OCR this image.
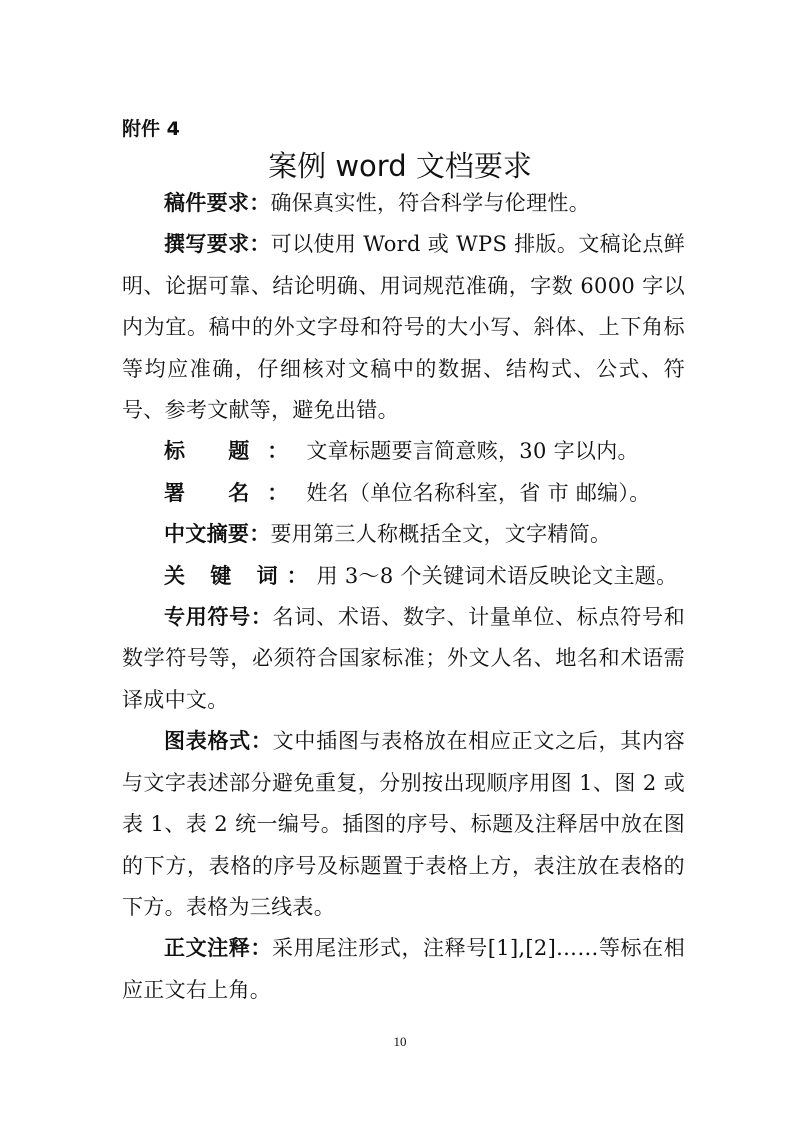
附件 4
案例 word 文档要求

稿件要求：确保真实性，符合科学与伦理性。

撰写要求：可以使用 Word 或 WPS 排版。文稿论点鲜明、论据可靠、结论明确、用词规范准确，字数 6000 字以内为宜。稿中的外文字母和符号的大小写、斜体、上下角标等均应准确，仔细核对文稿中的数据、结构式、公式、符号、参考文献等，避免出错。

标 题：文章标题要言简意赅，30 字以内。

署 名：姓名（单位名称科室，省 市 邮编）。

中文摘要：要用第三人称概括全文，文字精简。

关 键 词：用 3～8 个关键词术语反映论文主题。

专用符号：名词、术语、数字、计量单位、标点符号和数学符号等，必须符合国家标准；外文人名、地名和术语需译成中文。

图表格式：文中插图与表格放在相应正文之后，其内容与文字表述部分避免重复，分别按出现顺序用图 1、图 2 或表 1、表 2 统一编号。插图的序号、标题及注释居中放在图的下方，表格的序号及标题置于表格上方，表注放在表格的下方。表格为三线表。

正文注释：采用尾注形式，注释号[1],[2]……等标在相应正文右上角。

10
